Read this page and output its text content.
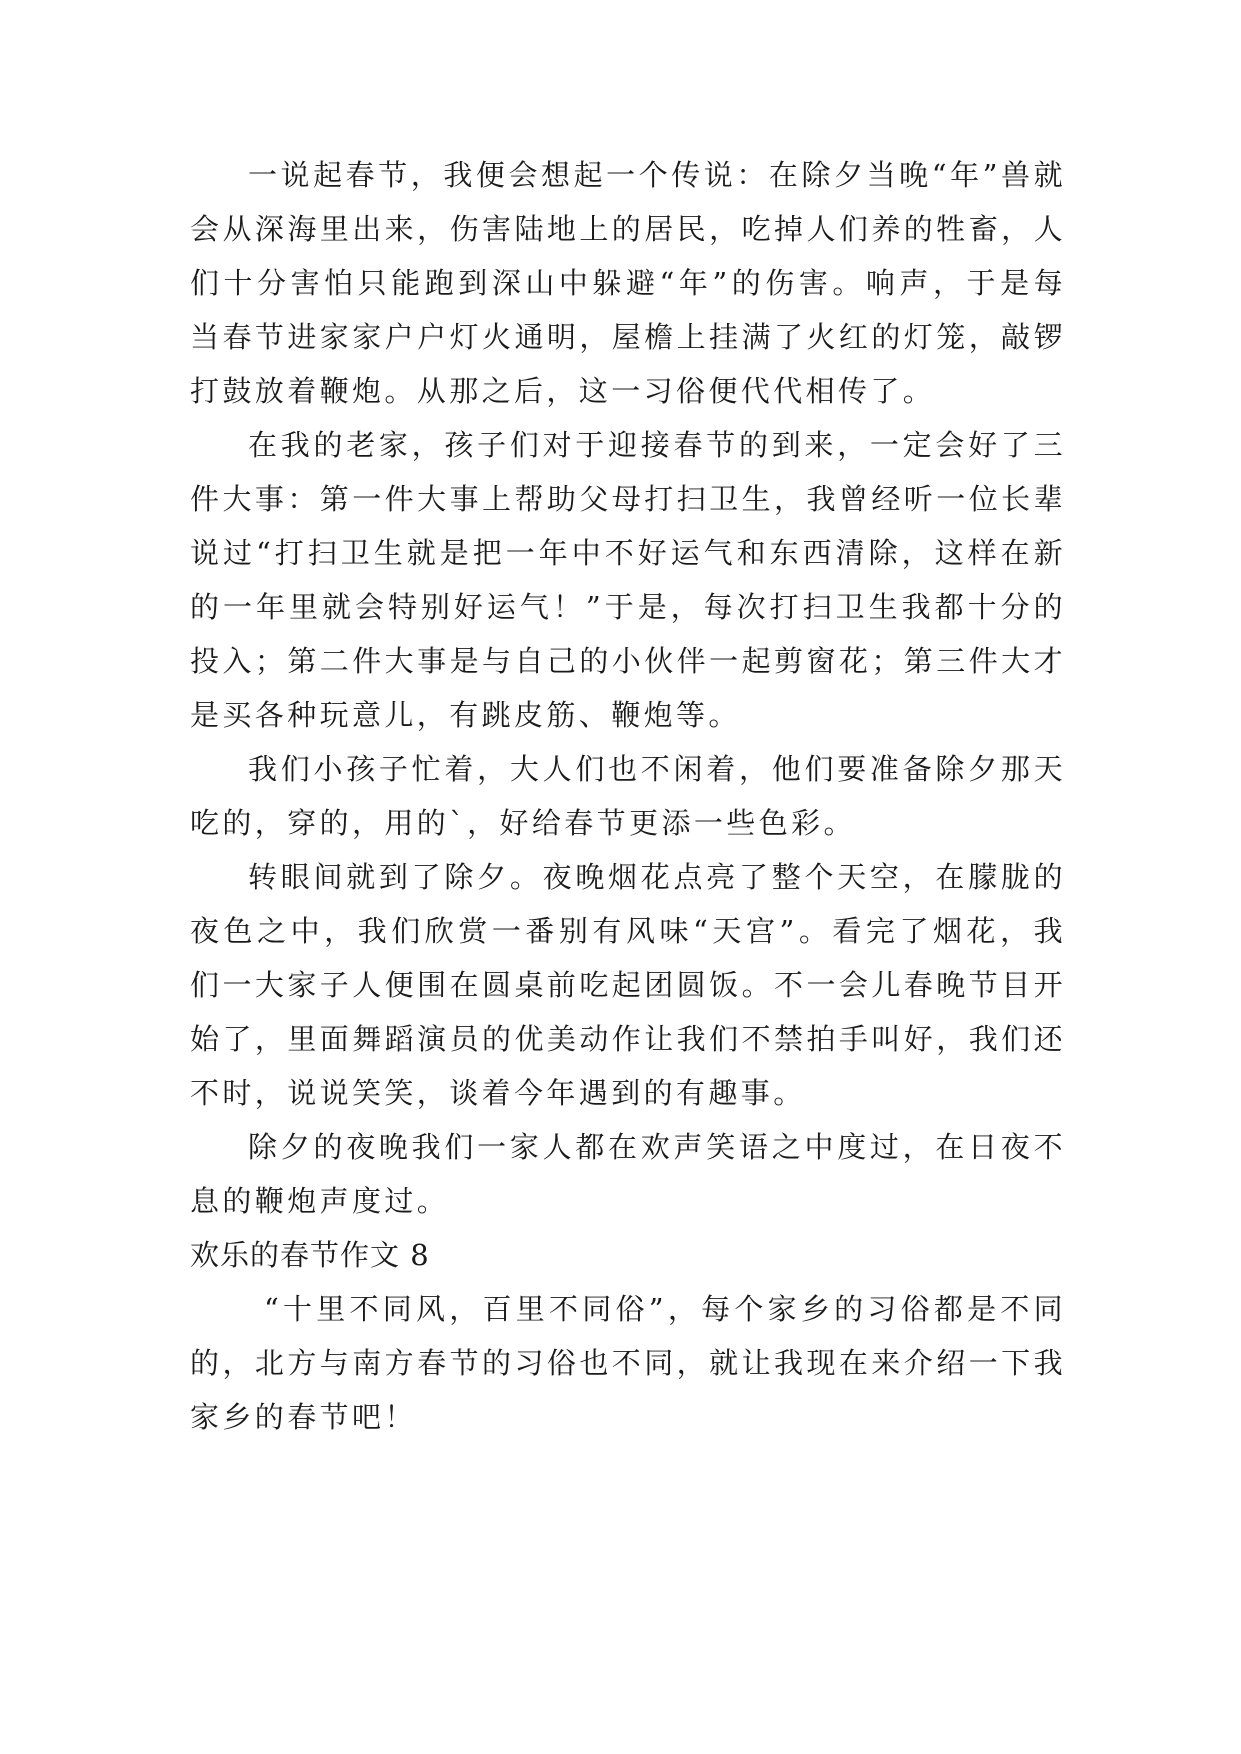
一说起春节，我便会想起一个传说：在除夕当晚“年”兽就会从深海里出来，伤害陆地上的居民，吃掉人们养的牲畜，人们十分害怕只能跑到深山中躲避“年”的伤害。响声，于是每当春节进家家户户灯火通明，屋檐上挂满了火红的灯笼，敲锣打鼓放着鞭炮。从那之后，这一习俗便代代相传了。

在我的老家，孩子们对于迎接春节的到来，一定会好了三件大事：第一件大事上帮助父母打扫卫生，我曾经听一位长辈说过“打扫卫生就是把一年中不好运气和东西清除，这样在新的一年里就会特别好运气！”于是，每次打扫卫生我都十分的投入；第二件大事是与自己的小伙伴一起剪窗花；第三件大才是买各种玩意儿，有跳皮筋、鞭炮等。

我们小孩子忙着，大人们也不闲着，他们要准备除夕那天吃的，穿的，用的`，好给春节更添一些色彩。

转眼间就到了除夕。夜晚烟花点亮了整个天空，在朦胧的夜色之中，我们欣赏一番别有风味“天宫”。看完了烟花，我们一大家子人便围在圆桌前吃起团圆饭。不一会儿春晚节目开始了，里面舞蹈演员的优美动作让我们不禁拍手叫好，我们还不时，说说笑笑，谈着今年遇到的有趣事。

除夕的夜晚我们一家人都在欢声笑语之中度过，在日夜不息的鞭炮声度过。

欢乐的春节作文 8

“十里不同风，百里不同俗”，每个家乡的习俗都是不同的，北方与南方春节的习俗也不同，就让我现在来介绍一下我家乡的春节吧！
